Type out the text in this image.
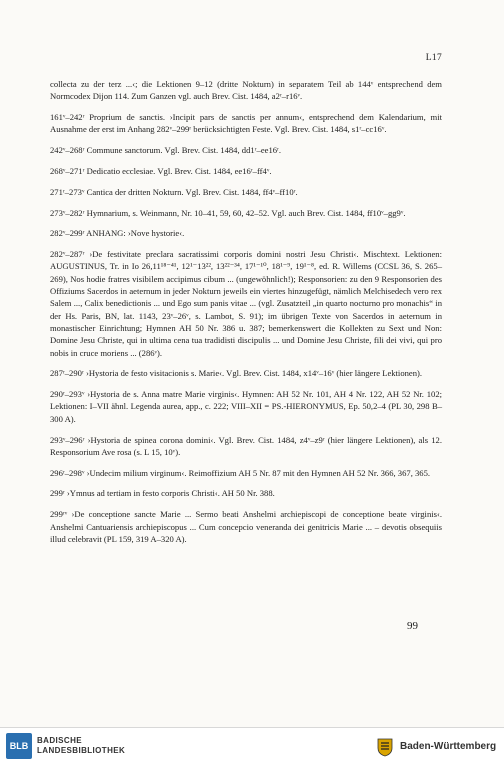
L17

collecta zu der terz ...‹; die Lektionen 9–12 (dritte Nokturn) in separatem Teil ab 144ᵛ entsprechend dem Normcodex Dijon 114. Zum Ganzen vgl. auch Brev. Cist. 1484, a2ʳ–r16ᵛ.

161ᵛ–242ʳ Proprium de sanctis. ›Incipit pars de sanctis per annum‹, entsprechend dem Kalendarium, mit Ausnahme der erst im Anhang 282ᵛ–299ʳ berücksichtigten Feste. Vgl. Brev. Cist. 1484, s1ʳ–cc16ᵛ.

242ᵛ–268ʳ Commune sanctorum. Vgl. Brev. Cist. 1484, dd1ʳ–ee16ʳ.

268ᵛ–271ʳ Dedicatio ecclesiae. Vgl. Brev. Cist. 1484, ee16ʳ–ff4ᵛ.

271ʳ–273ᵛ Cantica der dritten Nokturn. Vgl. Brev. Cist. 1484, ff4ᵛ–ff10ʳ.

273ᵛ–282ʳ Hymnarium, s. Weinmann, Nr. 10–41, 59, 60, 42–52. Vgl. auch Brev. Cist. 1484, ff10ᵛ–gg9ᵛ.

282ᵛ–299ʳ ANHANG: ›Nove hystorie‹.

282ᵛ–287ʳ ›De festivitate preclara sacratissimi corporis domini nostri Jesu Christi‹. Mischtext. Lektionen: AUGUSTINUS, Tr. in Io 26,11¹⁸⁻⁴¹, 12¹⁻13²², 13²²⁻³⁴, 17¹⁻¹⁰, 18¹⁻⁹, 19¹⁻⁸, ed. R. Willems (CCSL 36, S. 265–269), Nos hodie fratres visibilem accipimus cibum ... (ungewöhnlich!); Responsorien: zu den 9 Responsorien des Offiziums Sacerdos in aeternum in jeder Nokturn jeweils ein viertes hinzugefügt, nämlich Melchisedech vero rex Salem ..., Calix benedictionis ... und Ego sum panis vitae ... (vgl. Zusatzteil „in quarto nocturno pro monachis“ in der Hs. Paris, BN, lat. 1143, 23ᵛ–26ᵛ, s. Lambot, S. 91); im übrigen Texte von Sacerdos in aeternum in monastischer Einrichtung; Hymnen AH 50 Nr. 386 u. 387; bemerkenswert die Kollekten zu Sext und Non: Domine Jesu Christe, qui in ultima cena tua tradidisti discipulis ... und Domine Jesu Christe, fili dei vivi, qui pro nobis in cruce moriens ... (286ᵛ).

287ʳ–290ʳ ›Hystoria de festo visitacionis s. Marie‹. Vgl. Brev. Cist. 1484, x14ᵛ–16ᵛ (hier längere Lektionen).

290ʳ–293ᵛ ›Hystoria de s. Anna matre Marie virginis‹. Hymnen: AH 52 Nr. 101, AH 4 Nr. 122, AH 52 Nr. 102; Lektionen: I–VII ähnl. Legenda aurea, app., c. 222; VIII–XII = PS.-HIERONYMUS, Ep. 50,2–4 (PL 30, 298 B–300 A).

293ᵛ–296ʳ ›Hystoria de spinea corona domini‹. Vgl. Brev. Cist. 1484, z4ᵛ–z9ʳ (hier längere Lektionen), als 12. Responsorium Ave rosa (s. L 15, 10ᵛ).

296ʳ–298ᵛ ›Undecim milium virginum‹. Reimoffizium AH 5 Nr. 87 mit den Hymnen AH 52 Nr. 366, 367, 365.

299ʳ ›Ymnus ad tertiam in festo corporis Christi‹. AH 50 Nr. 388.

299ʳᵛ ›De conceptione sancte Marie ... Sermo beati Anshelmi archiepiscopi de conceptione beate virginis‹. Anshelmi Cantuariensis archiepiscopus ... Cum concepcio veneranda dei genitricis Marie ... – devotis obsequiis illud celebravit (PL 159, 319 A–320 A).

99
BLB
BADISCHE
LANDESBIBLIOTHEK	Baden-Württemberg
